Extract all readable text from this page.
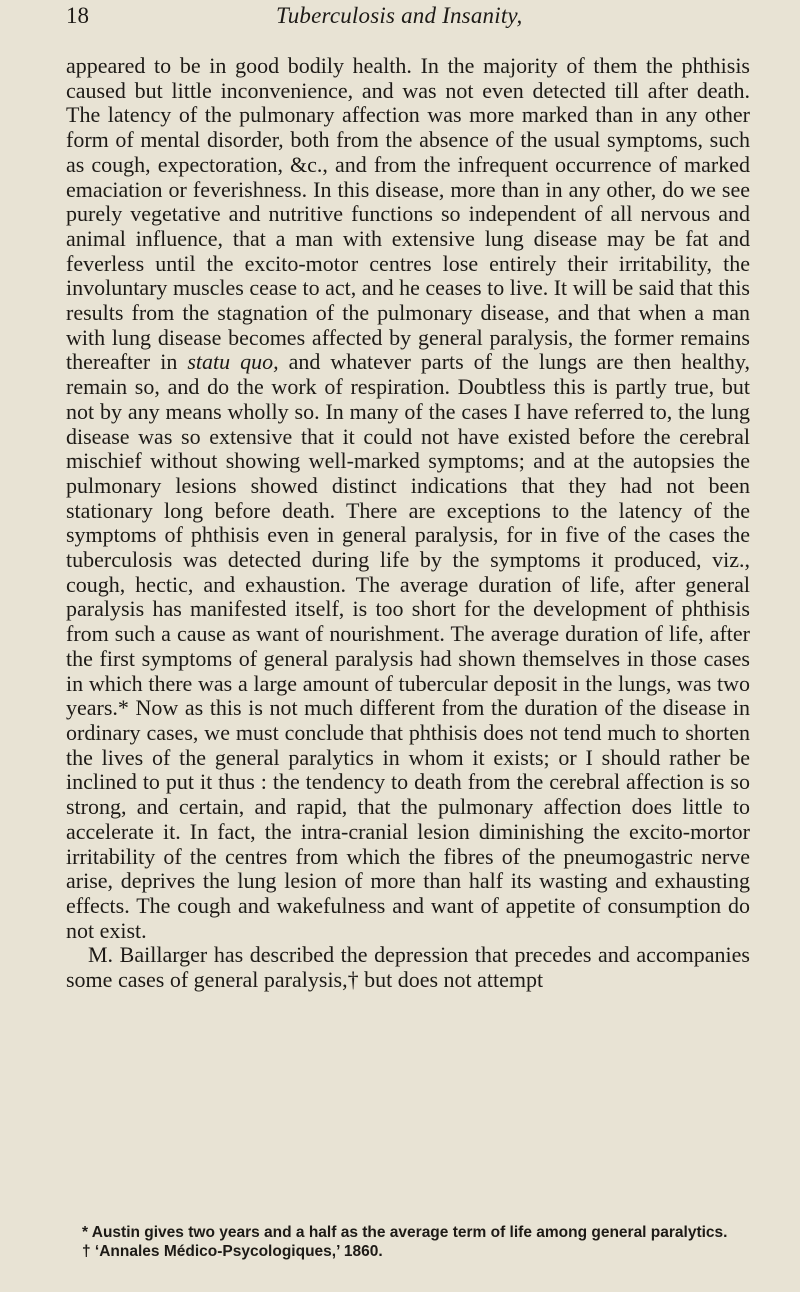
18	Tuberculosis and Insanity,

appeared to be in good bodily health. In the majority of them the phthisis caused but little inconvenience, and was not even detected till after death. The latency of the pulmonary affection was more marked than in any other form of mental disorder, both from the absence of the usual symptoms, such as cough, expectoration, &c., and from the infrequent occurrence of marked emaciation or feverishness. In this disease, more than in any other, do we see purely vegetative and nutritive functions so independent of all nervous and animal influence, that a man with extensive lung disease may be fat and feverless until the excito-motor centres lose entirely their irritability, the involuntary muscles cease to act, and he ceases to live. It will be said that this results from the stagnation of the pulmonary disease, and that when a man with lung disease becomes affected by general paralysis, the former remains thereafter in statu quo, and whatever parts of the lungs are then healthy, remain so, and do the work of respiration. Doubtless this is partly true, but not by any means wholly so. In many of the cases I have referred to, the lung disease was so extensive that it could not have existed before the cerebral mischief without showing well-marked symptoms; and at the autopsies the pulmonary lesions showed distinct indications that they had not been stationary long before death. There are exceptions to the latency of the symptoms of phthisis even in general paralysis, for in five of the cases the tuberculosis was detected during life by the symptoms it produced, viz., cough, hectic, and exhaustion. The average duration of life, after general paralysis has manifested itself, is too short for the development of phthisis from such a cause as want of nourishment. The average duration of life, after the first symptoms of general paralysis had shown themselves in those cases in which there was a large amount of tubercular deposit in the lungs, was two years.* Now as this is not much different from the duration of the disease in ordinary cases, we must conclude that phthisis does not tend much to shorten the lives of the general paralytics in whom it exists; or I should rather be inclined to put it thus : the tendency to death from the cerebral affection is so strong, and certain, and rapid, that the pulmonary affection does little to accelerate it. In fact, the intra-cranial lesion diminishing the excito-mortor irritability of the centres from which the fibres of the pneumogastric nerve arise, deprives the lung lesion of more than half its wasting and exhausting effects. The cough and wakefulness and want of appetite of consumption do not exist.

M. Baillarger has described the depression that precedes and accompanies some cases of general paralysis,† but does not attempt

* Austin gives two years and a half as the average term of life among general paralytics.

† ‘Annales Médico-Psycologiques,’ 1860.
